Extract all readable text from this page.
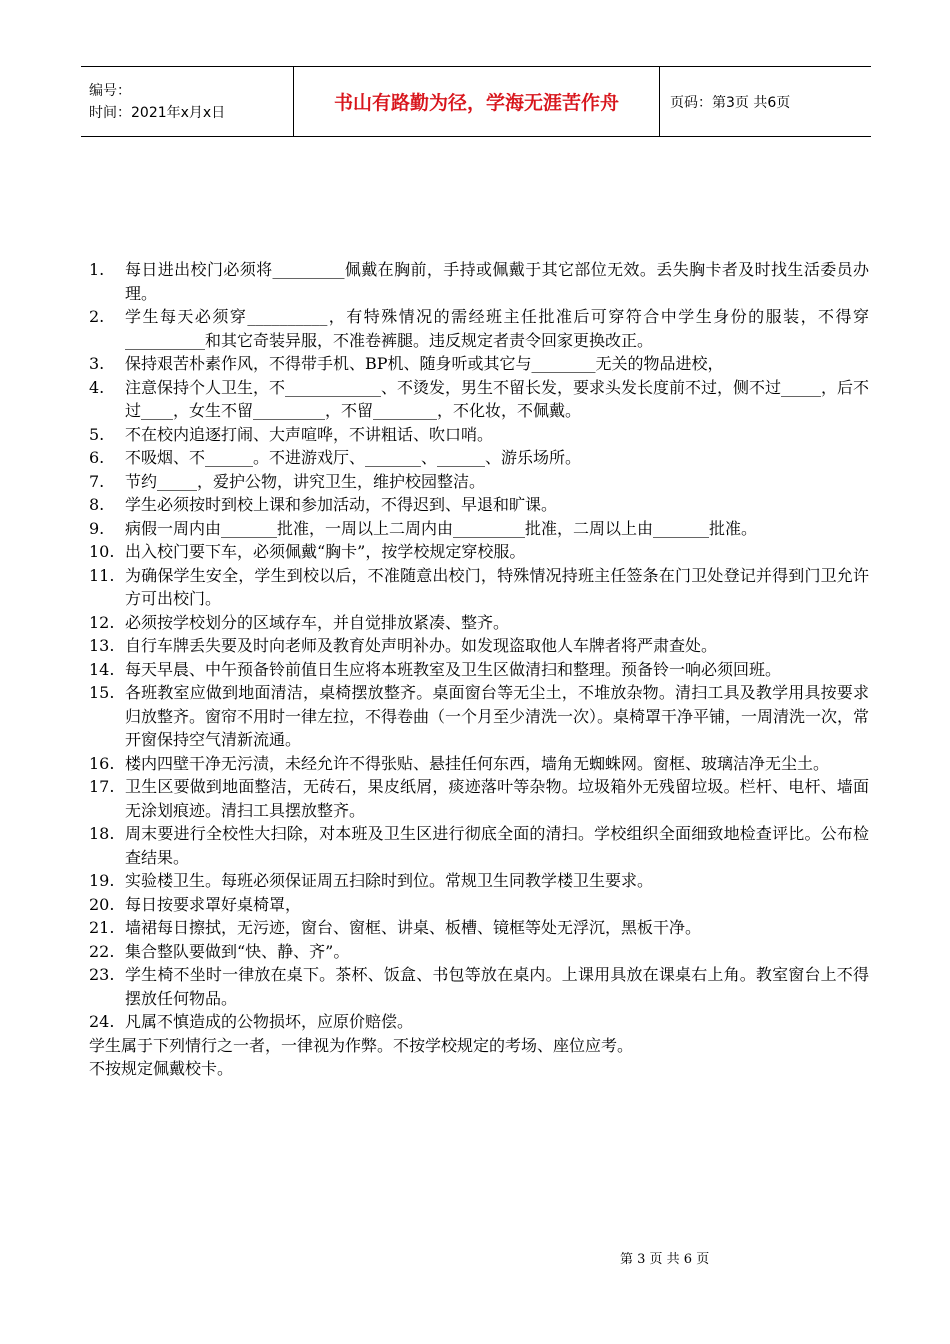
编号：
时间：2021年x月x日	书山有路勤为径，学海无涯苦作舟	页码：第3页 共6页
1.	每日进出校门必须将_________佩戴在胸前，手持或佩戴于其它部位无效。丢失胸卡者及时找生活委员办理。
2.	学生每天必须穿__________，有特殊情况的需经班主任批准后可穿符合中学生身份的服装，不得穿__________和其它奇装异服，不准卷裤腿。违反规定者责令回家更换改正。
3.	保持艰苦朴素作风，不得带手机、BP机、随身听或其它与________无关的物品进校，
4.	注意保持个人卫生，不____________、不烫发，男生不留长发，要求头发长度前不过，侧不过_____，后不过____，女生不留_________，不留________，不化妆，不佩戴。
5.	不在校内追逐打闹、大声喧哗，不讲粗话、吹口哨。
6.	不吸烟、不______。不进游戏厅、_______、______、游乐场所。
7.	节约_____，爱护公物，讲究卫生，维护校园整洁。
8.	学生必须按时到校上课和参加活动，不得迟到、早退和旷课。
9.	病假一周内由_______批准，一周以上二周内由_________批准，二周以上由_______批准。
10. 出入校门要下车，必须佩戴“胸卡”，按学校规定穿校服。
11. 为确保学生安全，学生到校以后，不准随意出校门，特殊情况持班主任签条在门卫处登记并得到门卫允许方可出校门。
12. 必须按学校划分的区域存车，并自觉排放紧凑、整齐。
13. 自行车牌丢失要及时向老师及教育处声明补办。如发现盗取他人车牌者将严肃查处。
14. 每天早晨、中午预备铃前值日生应将本班教室及卫生区做清扫和整理。预备铃一响必须回班。
15. 各班教室应做到地面清洁，桌椅摆放整齐。桌面窗台等无尘土，不堆放杂物。清扫工具及教学用具按要求归放整齐。窗帘不用时一律左拉，不得卷曲（一个月至少清洗一次）。桌椅罩干净平铺，一周清洗一次，常开窗保持空气清新流通。
16. 楼内四壁干净无污渍，未经允许不得张贴、悬挂任何东西，墙角无蜘蛛网。窗框、玻璃洁净无尘土。
17. 卫生区要做到地面整洁，无砖石，果皮纸屑，痰迹落叶等杂物。垃圾箱外无残留垃圾。栏杆、电杆、墙面无涂划痕迹。清扫工具摆放整齐。
18. 周末要进行全校性大扫除，对本班及卫生区进行彻底全面的清扫。学校组织全面细致地检查评比。公布检查结果。
19. 实验楼卫生。每班必须保证周五扫除时到位。常规卫生同教学楼卫生要求。
20. 每日按要求罩好桌椅罩，
21. 墙裙每日擦拭，无污迹，窗台、窗框、讲桌、板槽、镜框等处无浮沉，黑板干净。
22. 集合整队要做到“快、静、齐”。
23. 学生椅不坐时一律放在桌下。茶杯、饭盒、书包等放在桌内。上课用具放在课桌右上角。教室窗台上不得摆放任何物品。
24. 凡属不慎造成的公物损坏，应原价赔偿。

学生属于下列情行之一者，一律视为作弊。不按学校规定的考场、座位应考。

不按规定佩戴校卡。

第 3 页 共 6 页
